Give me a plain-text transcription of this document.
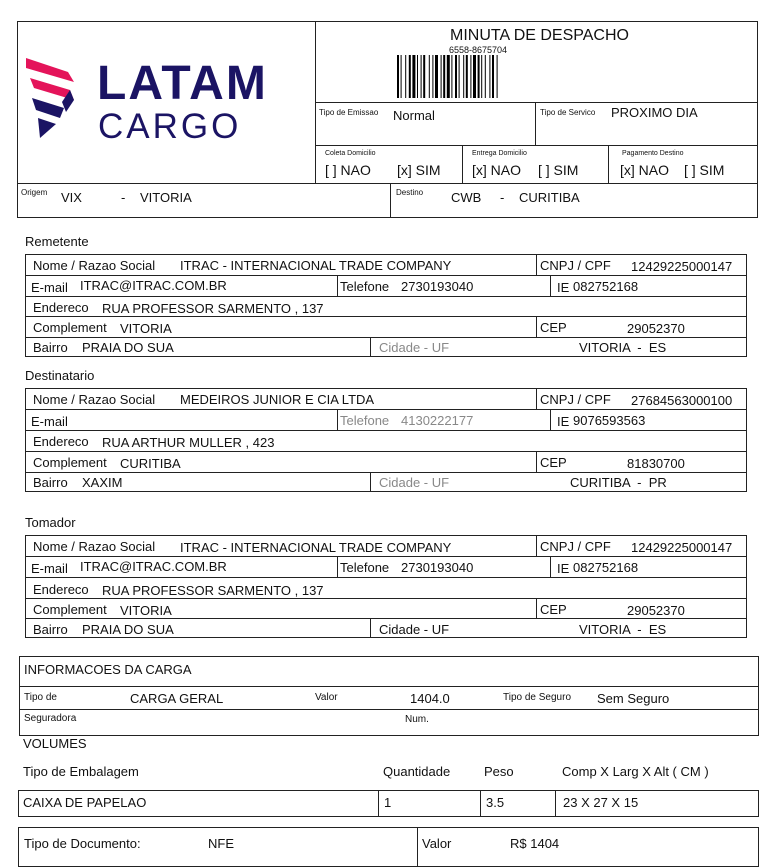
LATAM
CARGO
MINUTA DE DESPACHO
6558-8675704
Tipo de Emissao Normal	Tipo de Servico PROXIMO DIA
Coleta Domicilio
[ ] NAO [x] SIM
Entrega Domicilio
[x] NAO [ ] SIM
Pagamento Destino
[x] NAO [ ] SIM
Origem VIX	- VITORIA	Destino CWB - CURITIBA
Remetente
Nome / Razao Social ITRAC - INTERNACIONAL TRADE COMPANY	CNPJ / CPF 12429225000147
E-mail ITRAC@ITRAC.COM.BR	Telefone 2730193040	IE 082752168
Endereco RUA PROFESSOR SARMENTO , 137
Complement VITORIA	CEP	29052370
Bairro PRAIA DO SUA	Cidade - UF	VITORIA  -  ES
Destinatario
Nome / Razao Social MEDEIROS JUNIOR E CIA LTDA	CNPJ / CPF 27684563000100
E-mail	Telefone 4130222177	IE 9076593563
Endereco RUA ARTHUR MULLER , 423
Complement CURITIBA	CEP	81830700
Bairro XAXIM	Cidade - UF	CURITIBA  -  PR
Tomador
Nome / Razao Social ITRAC - INTERNACIONAL TRADE COMPANY	CNPJ / CPF 12429225000147
E-mail ITRAC@ITRAC.COM.BR	Telefone 2730193040	IE 082752168
Endereco RUA PROFESSOR SARMENTO , 137
Complement VITORIA	CEP	29052370
Bairro PRAIA DO SUA	Cidade - UF	VITORIA  -  ES
INFORMACOES DA CARGA
Tipo de	CARGA GERAL	Valor	1404.0	Tipo de Seguro Sem Seguro
Seguradora	Num.
VOLUMES
Tipo de Embalagem	Quantidade	Peso	Comp X Larg X Alt ( CM )
CAIXA DE PAPELAO	1	3.5	23 X 27 X 15
Tipo de Documento:	NFE	Valor	R$ 1404
